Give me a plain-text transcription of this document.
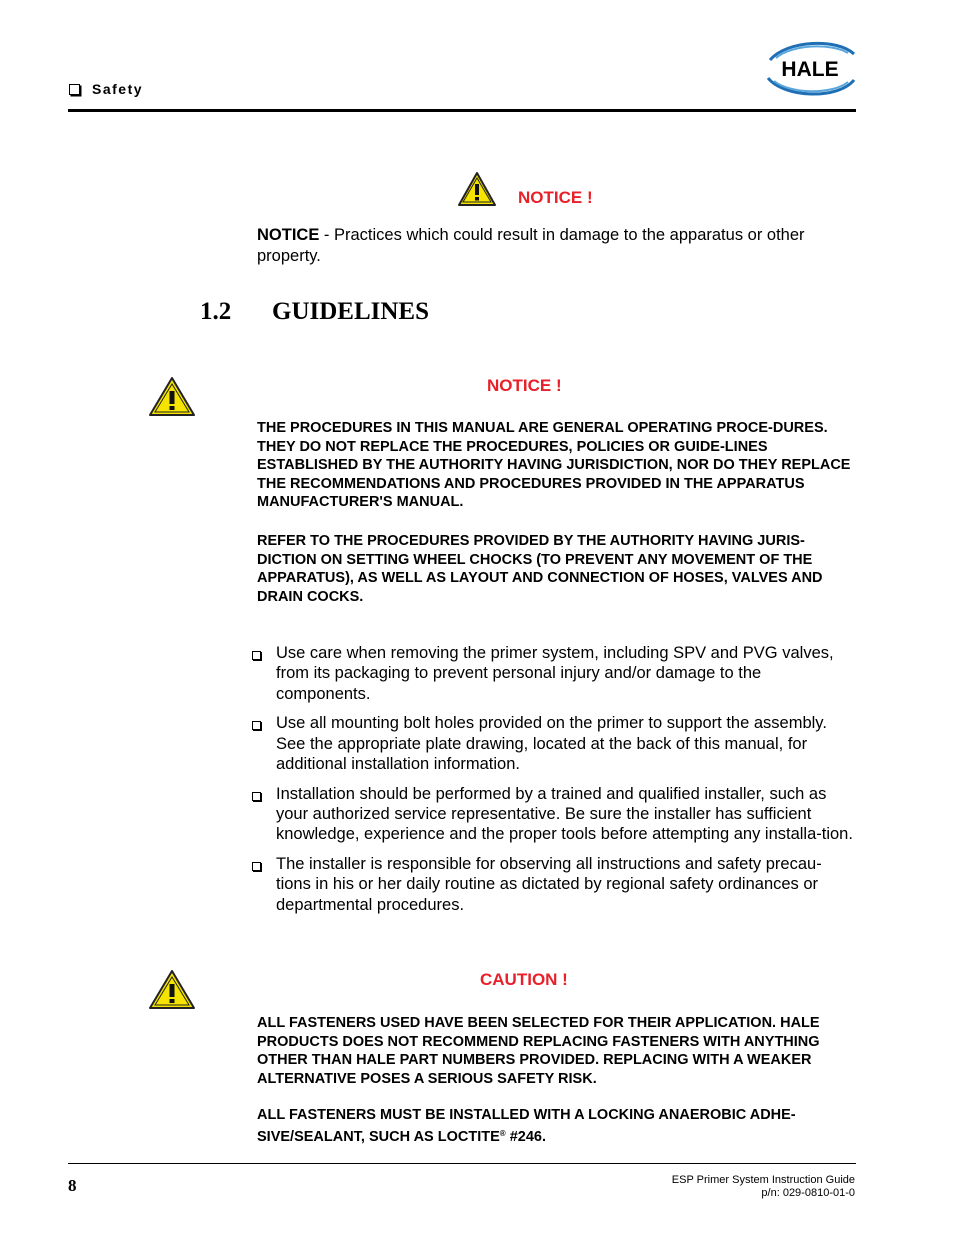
Safety
HALE
NOTICE !
NOTICE - Practices which could result in damage to the apparatus or other property.
1.2	GUIDELINES
NOTICE !
THE PROCEDURES IN THIS MANUAL ARE GENERAL OPERATING PROCE-DURES. THEY DO NOT REPLACE THE PROCEDURES, POLICIES OR GUIDE-LINES ESTABLISHED BY THE AUTHORITY HAVING JURISDICTION, NOR DO THEY REPLACE THE RECOMMENDATIONS AND PROCEDURES PROVIDED IN THE APPARATUS MANUFACTURER'S MANUAL.
REFER TO THE PROCEDURES PROVIDED BY THE AUTHORITY HAVING JURIS-DICTION ON SETTING WHEEL CHOCKS (TO PREVENT ANY MOVEMENT OF THE APPARATUS), AS WELL AS LAYOUT AND CONNECTION OF HOSES, VALVES AND DRAIN COCKS.
Use care when removing the primer system, including SPV and PVG valves, from its packaging to prevent personal injury and/or damage to the components.
Use all mounting bolt holes provided on the primer to support the assembly. See the appropriate plate drawing, located at the back of this manual, for additional installation information.
Installation should be performed by a trained and qualified installer, such as your authorized service representative. Be sure the installer has sufficient knowledge, experience and the proper tools before attempting any installa-tion.
The installer is responsible for observing all instructions and safety precau-tions in his or her daily routine as dictated by regional safety ordinances or departmental procedures.
CAUTION !
ALL FASTENERS USED HAVE BEEN SELECTED FOR THEIR APPLICATION. HALE PRODUCTS DOES NOT RECOMMEND REPLACING FASTENERS WITH ANYTHING OTHER THAN HALE PART NUMBERS PROVIDED. REPLACING WITH A WEAKER ALTERNATIVE POSES A SERIOUS SAFETY RISK.
ALL FASTENERS MUST BE INSTALLED WITH A LOCKING ANAEROBIC ADHE-SIVE/SEALANT, SUCH AS LOCTITE® #246.
8	ESP Primer System Instruction Guide
p/n: 029-0810-01-0
